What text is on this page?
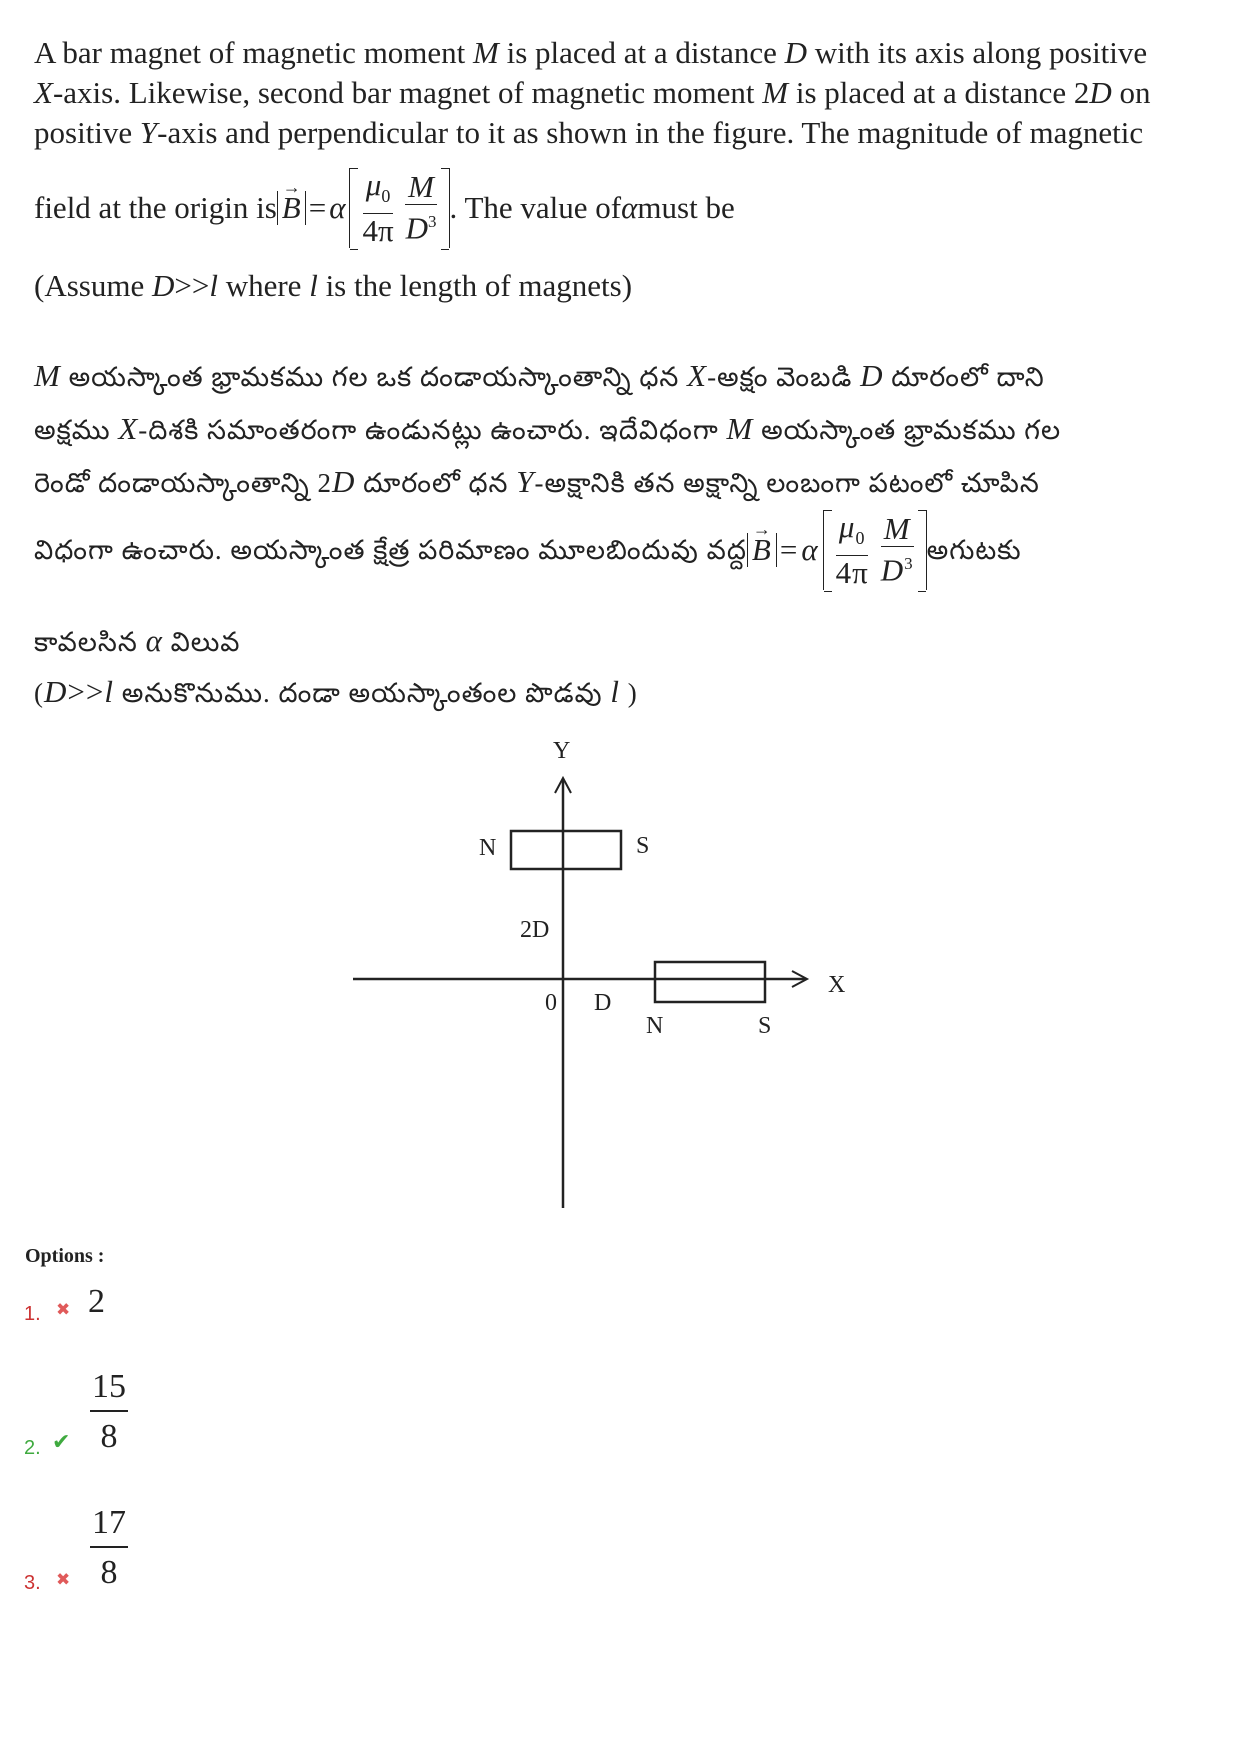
A bar magnet of magnetic moment M is placed at a distance D with its axis along positive
X-axis. Likewise, second bar magnet of magnetic moment M is placed at a distance 2D on
positive Y-axis and perpendicular to it as shown in the figure. The magnitude of magnetic
field at the origin is → B = α $\frac{\mu_0}{4\pi} \frac{M}{D^3}$ . The value of α must be
(Assume D>>l where l is the length of magnets)
M అయస్కాంత భ్రామకము గల ఒక దండాయస్కాంతాన్ని ధన X-అక్షం వెంబడి D దూరంలో దాని
అక్షము X-దిశకి సమాంతరంగా ఉండునట్లు ఉంచారు. ఇదేవిధంగా M అయస్కాంత భ్రామకము గల
రెండో దండాయస్కాంతాన్ని 2D దూరంలో ధన Y-అక్షానికి తన అక్షాన్ని లంబంగా పటంలో చూపిన
విధంగా ఉంచారు. అయస్కాంత క్షేత్ర పరిమాణం మూలబిందువు వద్ద → B = α $\frac{\mu_0}{4\pi} \frac{M}{D^3}$ అగుటకు
కావలసిన α విలువ
(D>>l అనుకొనుము. దండా అయస్కాంతంల పొడవు l )
Y
X
N	S
2D
0 D
N	S
Options :
1. ✖ 2
2. ✔ $\frac{15}{8}$
3. ✖ $\frac{17}{8}$
